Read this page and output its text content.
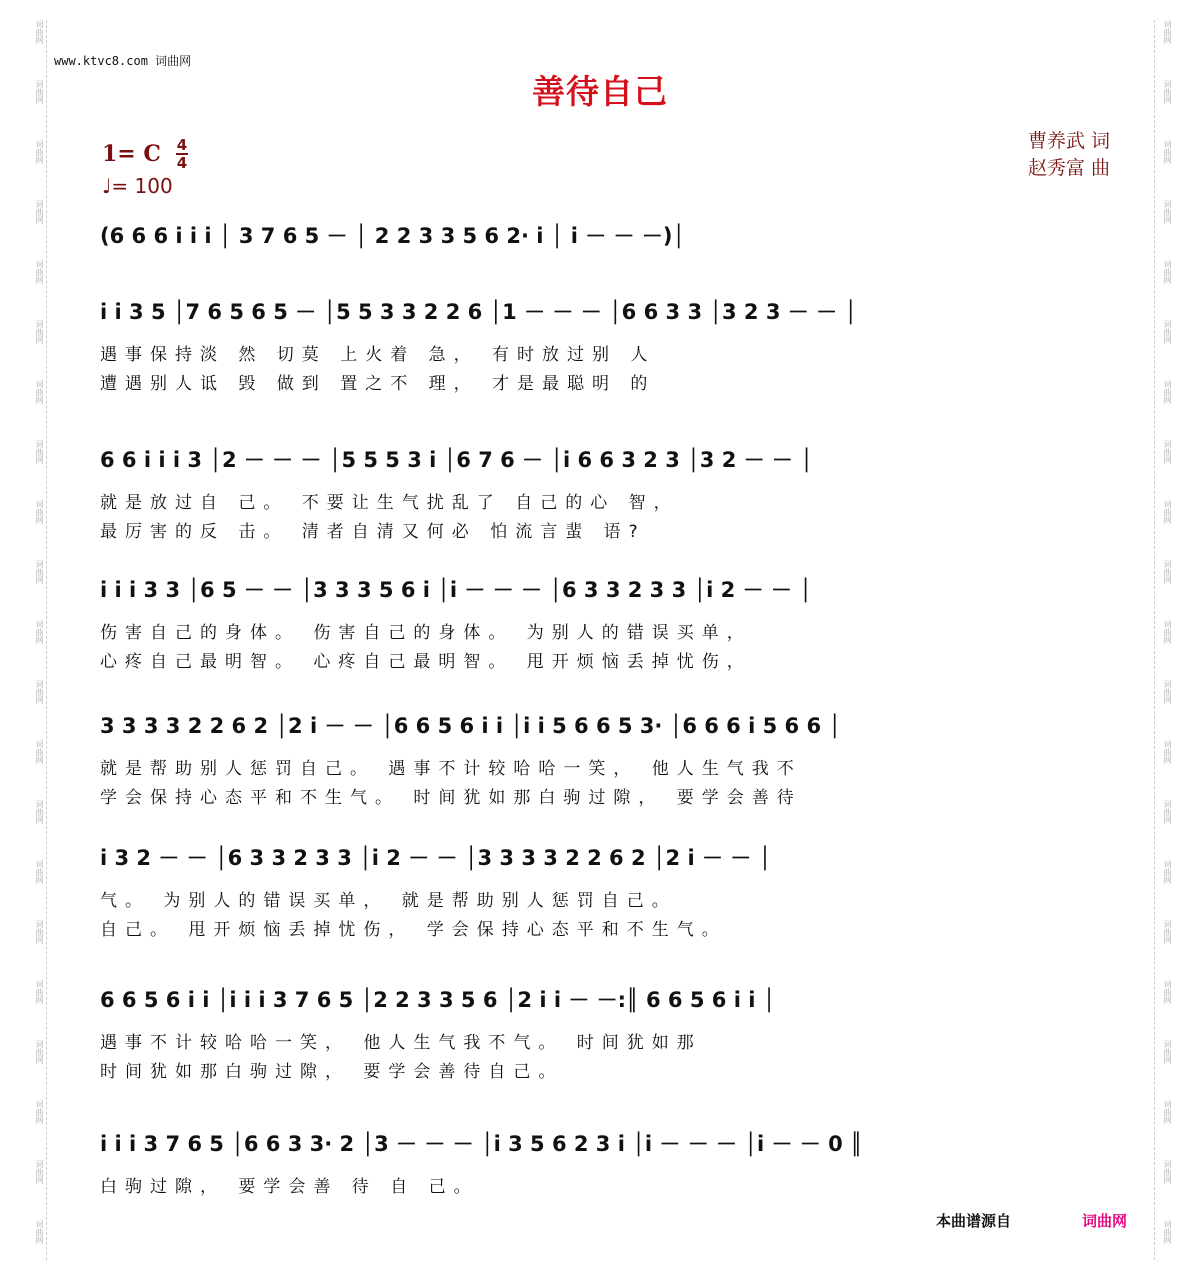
词曲网
词曲网
词曲网
词曲网
词曲网
词曲网
词曲网
词曲网
词曲网
词曲网
词曲网
词曲网
词曲网
词曲网
词曲网
词曲网
词曲网
词曲网
词曲网
词曲网
词曲网
词曲网
词曲网
词曲网
词曲网
词曲网
词曲网
词曲网
词曲网
词曲网
词曲网
词曲网
词曲网
词曲网
词曲网
词曲网
词曲网
词曲网
词曲网
词曲网
词曲网
词曲网
www.ktvc8.com 词曲网
善待自己
1= C 4
4
♩= 100
曹养武 词
赵秀富 曲
(6 6 6 i i i │ 3 7 6 5 － │ 2 2 3 3 5 6 2· i │ i － － －)│
i i 3 5 │7 6 5 6 5 － │5 5 3 3 2 2 6 │1 － － － │6 6 3 3 │3 2 3 － － │
遇事保持淡 然 切莫 上火着 急， 有时放过别 人
遭遇别人诋 毁 做到 置之不 理， 才是最聪明 的
6 6 i i i 3 │2 － － － │5 5 5 3 i │6 7 6 － │i 6 6 3 2 3 │3 2 － － │
就是放过自 己。 不要让生气扰乱了 自己的心 智，
最厉害的反 击。 清者自清又何必 怕流言蜚 语?
i i i 3 3 │6 5 － － │3 3 3 5 6 i │i － － － │6 3 3 2 3 3 │i 2 － － │
伤害自己的身体。 伤害自己的身体。 为别人的错误买单，
心疼自己最明智。 心疼自己最明智。 甩开烦恼丢掉忧伤，
3 3 3 3 2 2 6 2 │2 i － － │6 6 5 6 i i │i i 5 6 6 5 3· │6 6 6 i 5 6 6 │
就是帮助别人惩罚自己。 遇事不计较哈哈一笑， 他人生气我不
学会保持心态平和不生气。 时间犹如那白驹过隙， 要学会善待
i 3 2 － － │6 3 3 2 3 3 │i 2 － － │3 3 3 3 2 2 6 2 │2 i － － │
气。 为别人的错误买单， 就是帮助别人惩罚自己。
自己。 甩开烦恼丢掉忧伤， 学会保持心态平和不生气。
6 6 5 6 i i │i i i 3 7 6 5 │2 2 3 3 5 6 │2 i i － －:║ 6 6 5 6 i i │
遇事不计较哈哈一笑， 他人生气我不气。 时间犹如那
时间犹如那白驹过隙， 要学会善待自己。
i i i 3 7 6 5 │6 6 3 3· 2 │3 － － － │i 3 5 6 2 3 i │i － － － │i － － 0 ║
白驹过隙， 要学会善 待 自 己。
本曲谱源自	词曲网
